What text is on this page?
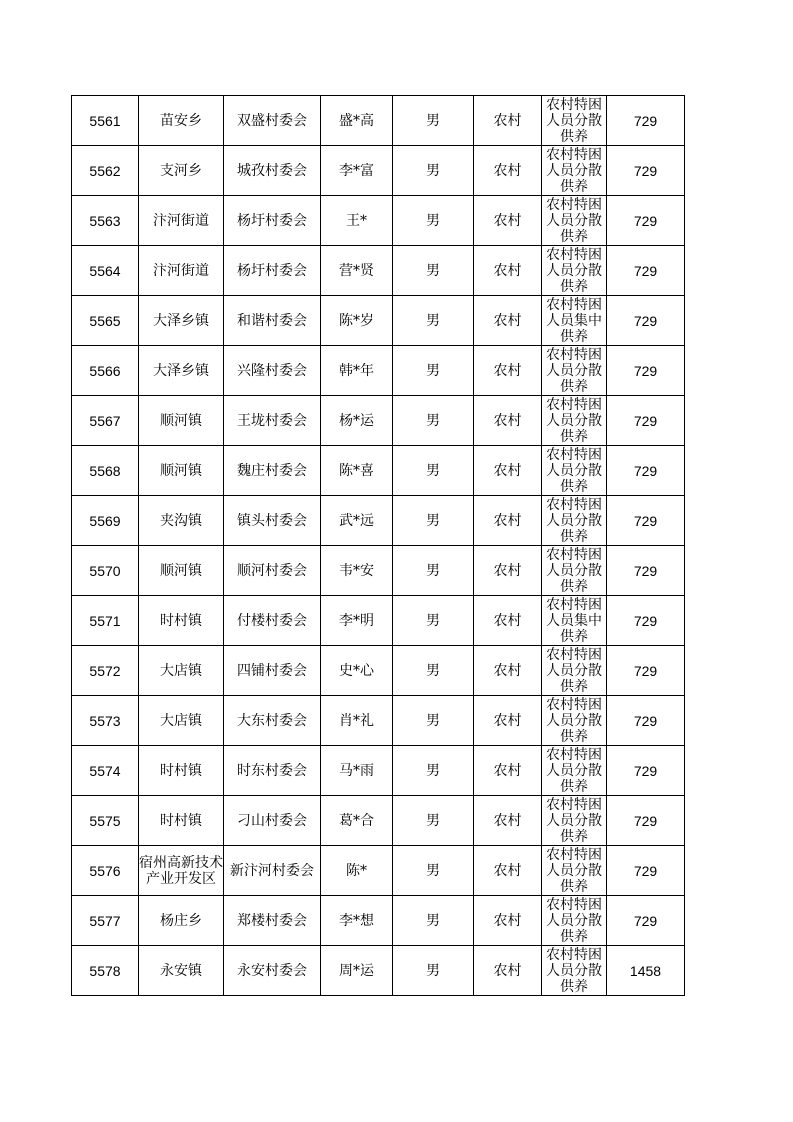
5561	苗安乡	双盛村委会	盛*高	男	农村	农村特困人员分散供养	729

5562	支河乡	城孜村委会	李*富	男	农村	农村特困人员分散供养	729

5563	汴河街道	杨圩村委会	王*	男	农村	农村特困人员分散供养	729

5564	汴河街道	杨圩村委会	营*贤	男	农村	农村特困人员分散供养	729

5565	大泽乡镇	和谐村委会	陈*岁	男	农村	农村特困人员集中供养	729

5566	大泽乡镇	兴隆村委会	韩*年	男	农村	农村特困人员分散供养	729

5567	顺河镇	王垅村委会	杨*运	男	农村	农村特困人员分散供养	729

5568	顺河镇	魏庄村委会	陈*喜	男	农村	农村特困人员分散供养	729

5569	夹沟镇	镇头村委会	武*远	男	农村	农村特困人员分散供养	729

5570	顺河镇	顺河村委会	韦*安	男	农村	农村特困人员分散供养	729

5571	时村镇	付楼村委会	李*明	男	农村	农村特困人员集中供养	729

5572	大店镇	四铺村委会	史*心	男	农村	农村特困人员分散供养	729

5573	大店镇	大东村委会	肖*礼	男	农村	农村特困人员分散供养	729

5574	时村镇	时东村委会	马*雨	男	农村	农村特困人员分散供养	729

5575	时村镇	刁山村委会	葛*合	男	农村	农村特困人员分散供养	729

5576	宿州高新技术产业开发区	新汴河村委会	陈*	男	农村	农村特困人员分散供养	729

5577	杨庄乡	郑楼村委会	李*想	男	农村	农村特困人员分散供养	729

5578	永安镇	永安村委会	周*运	男	农村	农村特困人员分散供养	1458
